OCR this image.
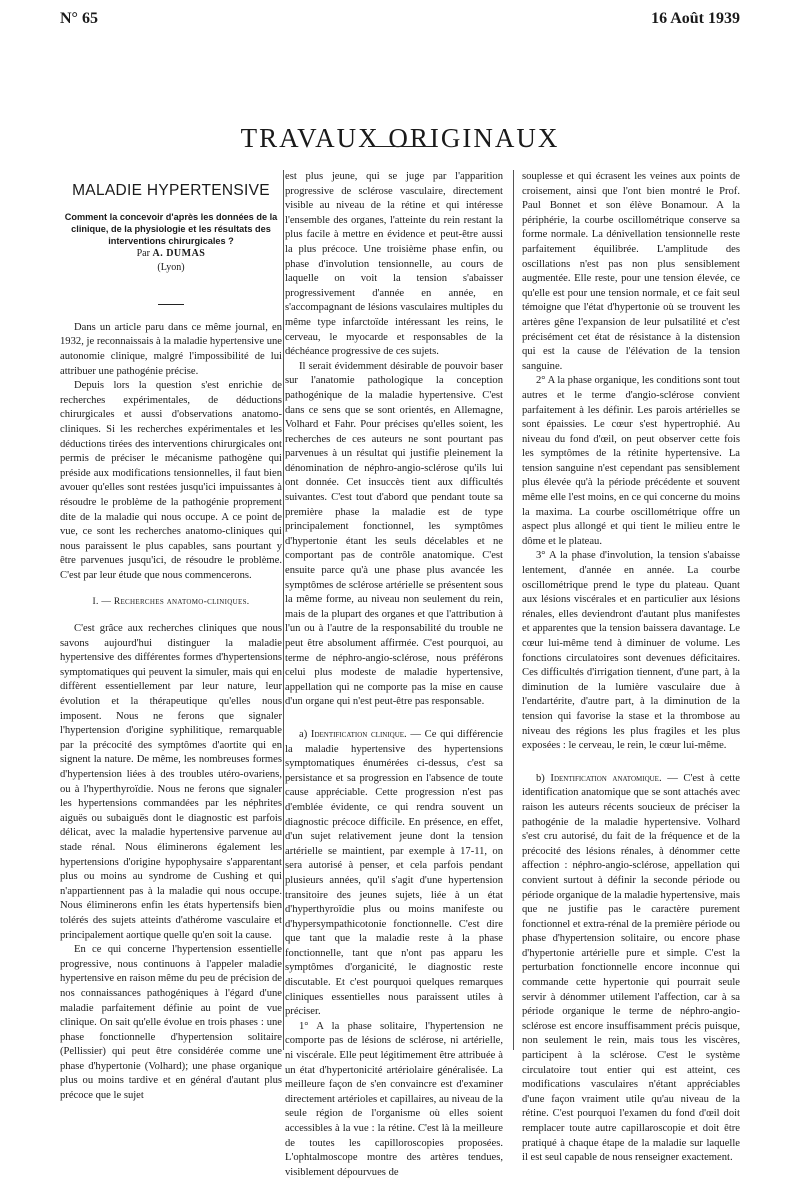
N° 65	16 Août 1939
TRAVAUX ORIGINAUX
MALADIE HYPERTENSIVE

Comment la concevoir d'après les données de la clinique, de la physiologie et les résultats des interventions chirurgicales ?

Par A. DUMAS

(Lyon)

Dans un article paru dans ce même journal, en 1932, je reconnaissais à la maladie hypertensive une autonomie clinique, malgré l'impossibilité de lui attribuer une pathogénie précise.

Depuis lors la question s'est enrichie de recherches expérimentales, de déductions chirurgicales et aussi d'observations anatomo-cliniques. Si les recherches expérimentales et les déductions tirées des interventions chirurgicales ont permis de préciser le mécanisme pathogène qui préside aux modifications tensionnelles, il faut bien avouer qu'elles sont restées jusqu'ici impuissantes à résoudre le problème de la pathogénie proprement dite de la maladie qui nous occupe. A ce point de vue, ce sont les recherches anatomo-cliniques qui nous paraissent le plus capables, sans pourtant y être parvenues jusqu'ici, de résoudre le problème. C'est par leur étude que nous commencerons.

I. — Recherches anatomo-cliniques.

C'est grâce aux recherches cliniques que nous savons aujourd'hui distinguer la maladie hypertensive des différentes formes d'hypertensions symptomatiques qui peuvent la simuler, mais qui en diffèrent essentiellement par leur nature, leur évolution et la thérapeutique qu'elles nous imposent. Nous ne ferons que signaler l'hypertension d'origine syphilitique, remarquable par la précocité des symptômes d'aortite qui en signent la nature. De même, les nombreuses formes d'hypertension liées à des troubles utéro-ovariens, ou à l'hyperthyroïdie. Nous ne ferons que signaler les hypertensions commandées par les néphrites aiguës ou subaiguës dont le diagnostic est parfois délicat, avec la maladie hypertensive parvenue au stade rénal. Nous éliminerons également les hypertensions d'origine hypophysaire s'apparentant plus ou moins au syndrome de Cushing et qui n'appartiennent pas à la maladie qui nous occupe. Nous éliminerons enfin les états hypertensifs bien tolérés des sujets atteints d'athérome vasculaire et principalement aortique quelle qu'en soit la cause.

En ce qui concerne l'hypertension essentielle progressive, nous continuons à l'appeler maladie hypertensive en raison même du peu de précision de nos connaissances pathogéniques à l'égard d'une maladie parfaitement définie au point de vue clinique. On sait qu'elle évolue en trois phases : une phase fonctionnelle d'hypertension solitaire (Pellissier) qui peut être considérée comme une phase d'hypertonie (Volhard); une phase organique plus ou moins tardive et en général d'autant plus précoce que le sujet

est plus jeune, qui se juge par l'apparition progressive de sclérose vasculaire, directement visible au niveau de la rétine et qui intéresse l'ensemble des organes, l'atteinte du rein restant la plus facile à mettre en évidence et peut-être aussi la plus précoce. Une troisième phase enfin, ou phase d'involution tensionnelle, au cours de laquelle on voit la tension s'abaisser progressivement d'année en année, en s'accompagnant de lésions vasculaires multiples du même type infarctoïde intéressant les reins, le cerveau, le myocarde et responsables de la déchéance progressive de ces sujets.

Il serait évidemment désirable de pouvoir baser sur l'anatomie pathologique la conception pathogénique de la maladie hypertensive. C'est dans ce sens que se sont orientés, en Allemagne, Volhard et Fahr. Pour précises qu'elles soient, les recherches de ces auteurs ne sont pourtant pas parvenues à un résultat qui justifie pleinement la dénomination de néphro-angio-sclérose qu'ils lui ont donnée. Cet insuccès tient aux difficultés suivantes. C'est tout d'abord que pendant toute sa première phase la maladie est de type principalement fonctionnel, les symptômes d'hypertonie étant les seuls décelables et ne comportant pas de contrôle anatomique. C'est ensuite parce qu'à une phase plus avancée les symptômes de sclérose artérielle se présentent sous la même forme, au niveau non seulement du rein, mais de la plupart des organes et que l'attribution à l'un ou à l'autre de la responsabilité du trouble ne peut être absolument affirmée. C'est pourquoi, au terme de néphro-angio-sclérose, nous préférons celui plus modeste de maladie hypertensive, appellation qui ne comporte pas la mise en cause d'un organe qui n'est peut-être pas responsable.

a) Identification clinique. — Ce qui différencie la maladie hypertensive des hypertensions symptomatiques énumérées ci-dessus, c'est sa persistance et sa progression en l'absence de toute cause appréciable. Cette progression n'est pas d'emblée évidente, ce qui rendra souvent un diagnostic précoce difficile. En présence, en effet, d'un sujet relativement jeune dont la tension artérielle se maintient, par exemple à 17-11, on sera autorisé à penser, et cela parfois pendant plusieurs années, qu'il s'agit d'une hypertension transitoire des jeunes sujets, liée à un état d'hyperthyroïdie plus ou moins manifeste ou d'hypersympathicotonie fonctionnelle. C'est dire que tant que la maladie reste à la phase fonctionnelle, tant que n'ont pas apparu les symptômes d'organicité, le diagnostic reste discutable. Et c'est pourquoi quelques remarques cliniques essentielles nous paraissent utiles à préciser.

1° A la phase solitaire, l'hypertension ne comporte pas de lésions de sclérose, ni artérielle, ni viscérale. Elle peut légitimement être attribuée à un état d'hypertonicité artériolaire généralisée. La meilleure façon de s'en convaincre est d'examiner directement artérioles et capillaires, au niveau de la seule région de l'organisme où elles soient accessibles à la vue : la rétine. C'est là la meilleure de toutes les capilloroscopies proposées. L'ophtalmoscope montre des artères tendues, visiblement dépourvues de

souplesse et qui écrasent les veines aux points de croisement, ainsi que l'ont bien montré le Prof. Paul Bonnet et son élève Bonamour. A la périphérie, la courbe oscillométrique conserve sa forme normale. La dénivellation tensionnelle reste parfaitement équilibrée. L'amplitude des oscillations n'est pas non plus sensiblement augmentée. Elle reste, pour une tension élevée, ce qu'elle est pour une tension normale, et ce fait seul témoigne que l'état d'hypertonie où se trouvent les artères gêne l'expansion de leur pulsatilité et c'est précisément cet état de résistance à la distension qui est la cause de l'élévation de la tension sanguine.

2° A la phase organique, les conditions sont tout autres et le terme d'angio-sclérose convient parfaitement à les définir. Les parois artérielles se sont épaissies. Le cœur s'est hypertrophié. Au niveau du fond d'œil, on peut observer cette fois les symptômes de la rétinite hypertensive. La tension sanguine n'est cependant pas sensiblement plus élevée qu'à la période précédente et souvent même elle l'est moins, en ce qui concerne du moins la maxima. La courbe oscillométrique offre un aspect plus allongé et qui tient le milieu entre le dôme et le plateau.

3° A la phase d'involution, la tension s'abaisse lentement, d'année en année. La courbe oscillométrique prend le type du plateau. Quant aux lésions viscérales et en particulier aux lésions rénales, elles deviendront d'autant plus manifestes et apparentes que la tension baissera davantage. Le cœur lui-même tend à diminuer de volume. Les fonctions circulatoires sont devenues déficitaires. Ces difficultés d'irrigation tiennent, d'une part, à la diminution de la lumière vasculaire due à l'endartérite, d'autre part, à la diminution de la tension qui favorise la stase et la thrombose au niveau des régions les plus fragiles et les plus exposées : le cerveau, le rein, le cœur lui-même.

b) Identification anatomique. — C'est à cette identification anatomique que se sont attachés avec raison les auteurs récents soucieux de préciser la pathogénie de la maladie hypertensive. Volhard s'est cru autorisé, du fait de la fréquence et de la précocité des lésions rénales, à dénommer cette affection : néphro-angio-sclérose, appellation qui convient surtout à définir la seconde période ou période organique de la maladie hypertensive, mais que ne justifie pas le caractère purement fonctionnel et extra-rénal de la première période ou phase d'hypertension solitaire, ou encore phase d'hypertonie artérielle pure et simple. C'est la perturbation fonctionnelle encore inconnue qui commande cette hypertonie qui pourrait seule servir à dénommer utilement l'affection, car à sa période organique le terme de néphro-angio-sclérose est encore insuffisamment précis puisque, non seulement le rein, mais tous les viscères, participent à la sclérose. C'est le système circulatoire tout entier qui est atteint, ces modifications vasculaires n'étant appréciables d'une façon vraiment utile qu'au niveau de la rétine. C'est pourquoi l'examen du fond d'œil doit remplacer toute autre capillaroscopie et doit être pratiqué à chaque étape de la maladie sur laquelle il est seul capable de nous renseigner exactement.
